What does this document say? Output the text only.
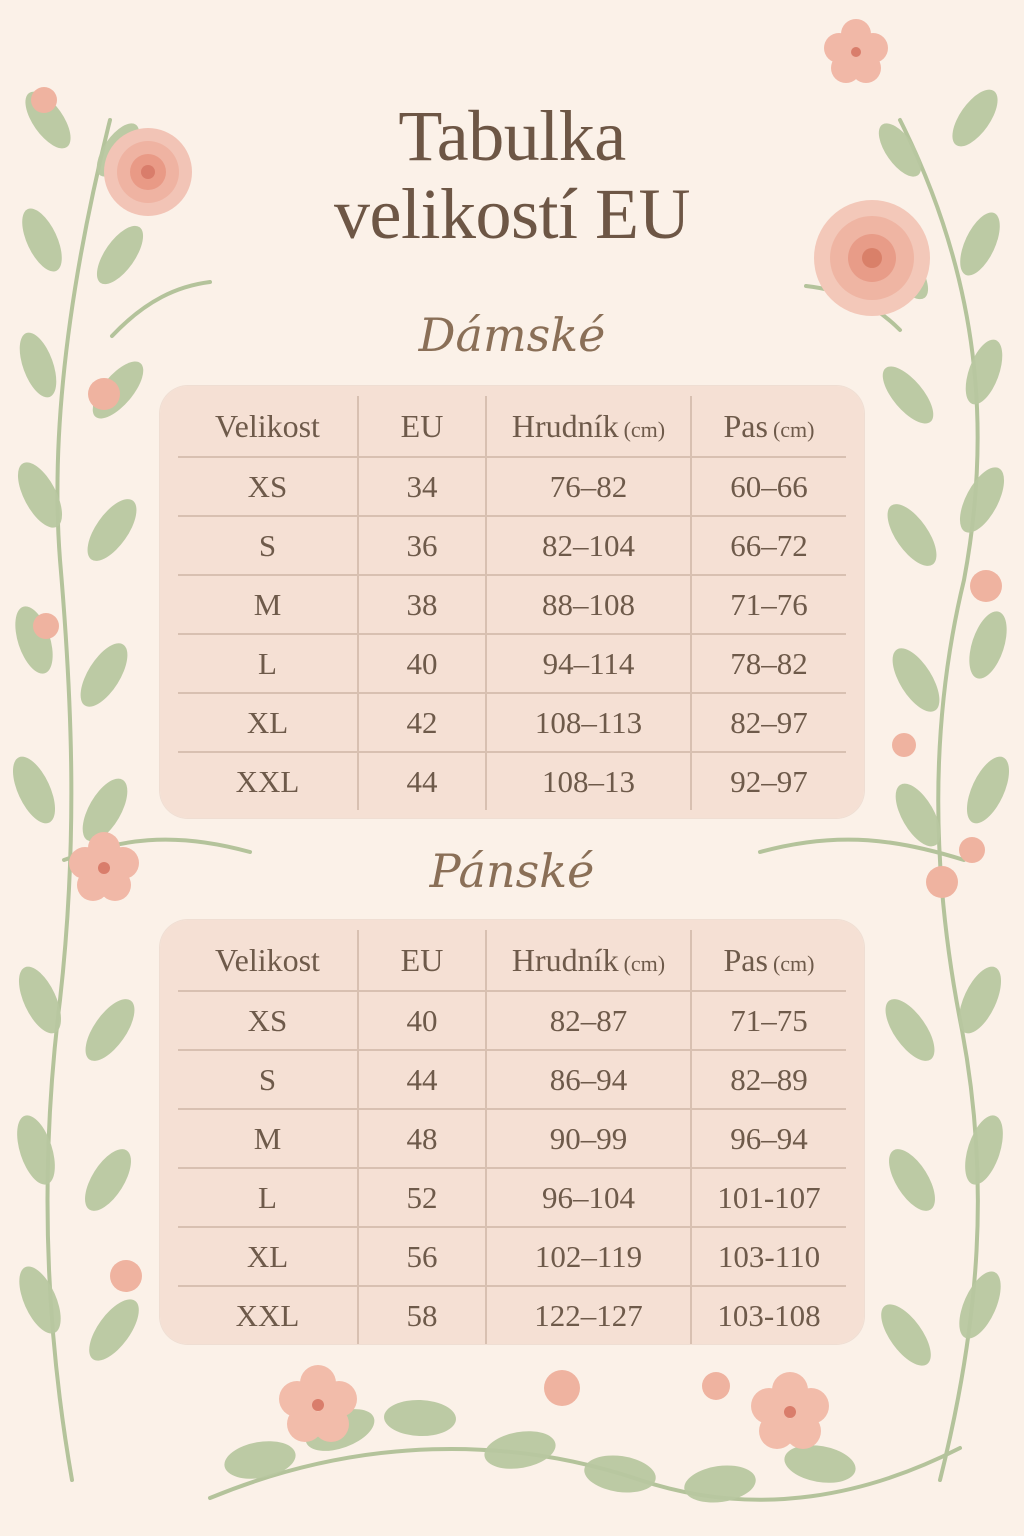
Tabulka
velikostí EU
Dámské
Velikost	EU	Hrudník (cm)	Pas (cm)
XS	34	76–82	60–66
S	36	82–104	66–72
M	38	88–108	71–76
L	40	94–114	78–82
XL	42	108–113	82–97
XXL	44	108–13	92–97
Pánské
Velikost	EU	Hrudník (cm)	Pas (cm)
XS	40	82–87	71–75
S	44	86–94	82–89
M	48	90–99	96–94
L	52	96–104	101-107
XL	56	102–119	103-110
XXL	58	122–127	103-108
